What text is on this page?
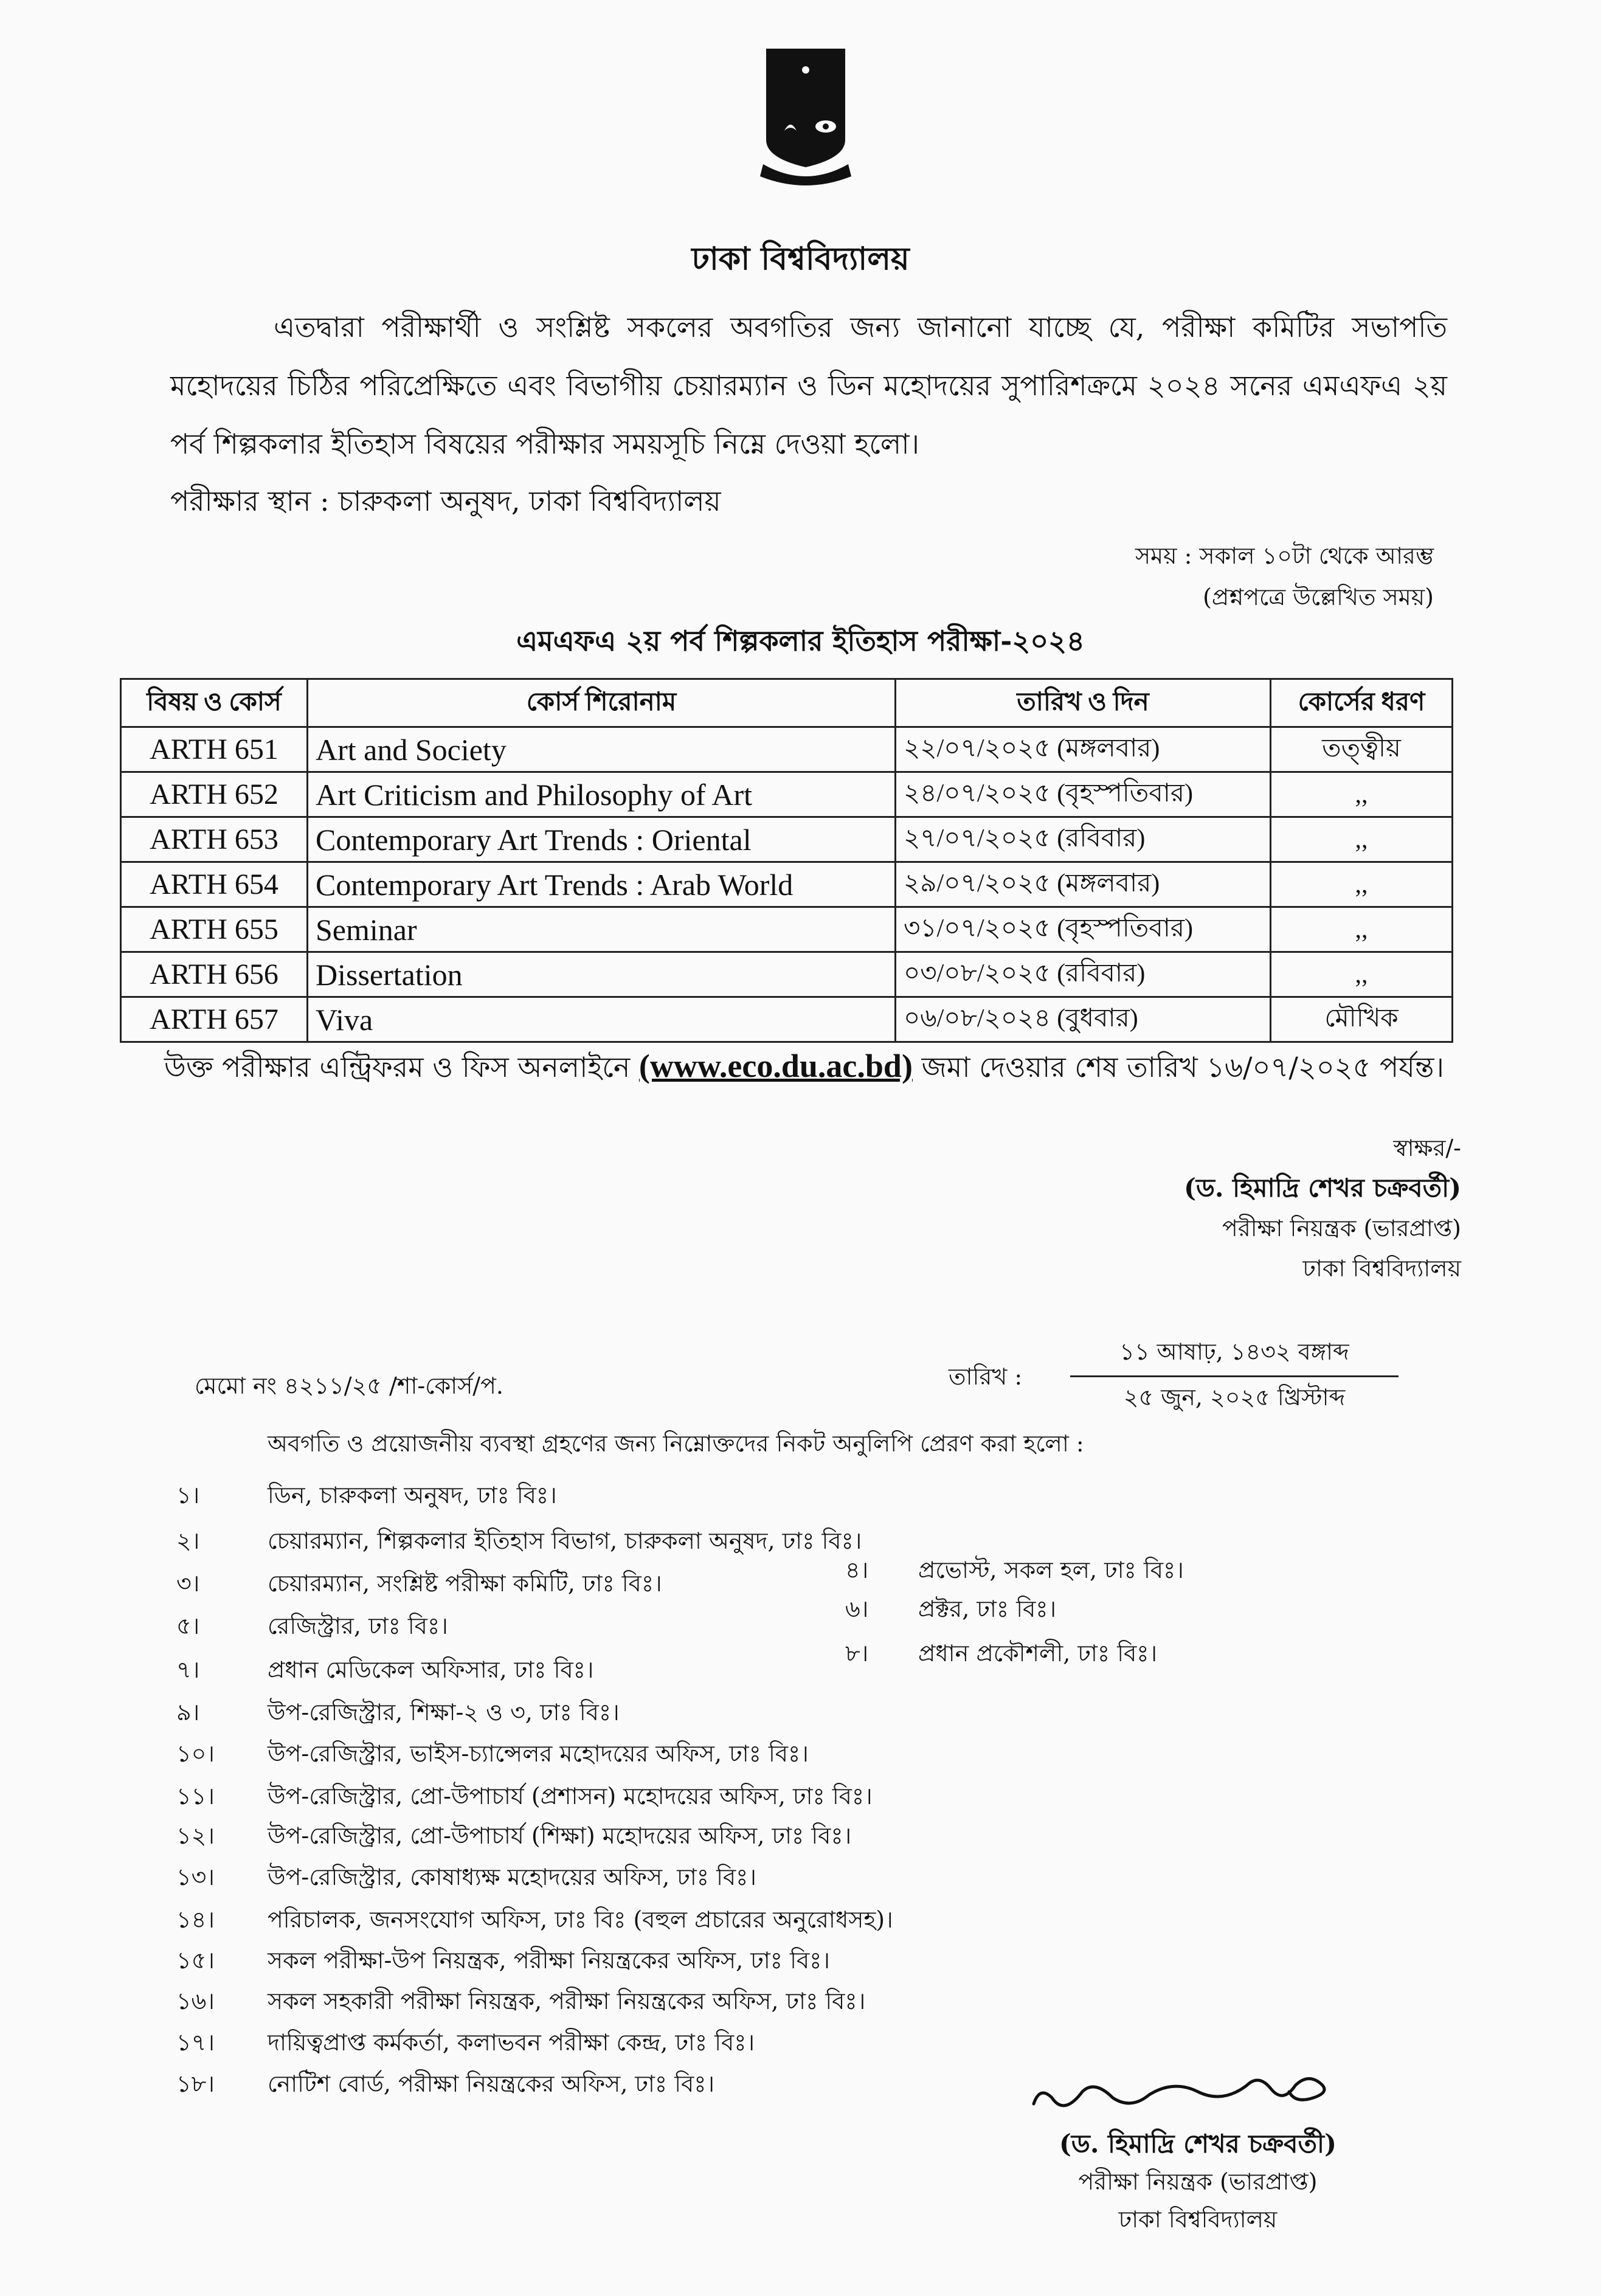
ঢাকা বিশ্ববিদ্যালয়
এতদ্বারা পরীক্ষার্থী ও সংশ্লিষ্ট সকলের অবগতির জন্য জানানো যাচ্ছে যে, পরীক্ষা কমিটির সভাপতি মহোদয়ের চিঠির পরিপ্রেক্ষিতে এবং বিভাগীয় চেয়ারম্যান ও ডিন মহোদয়ের সুপারিশক্রমে ২০২৪ সনের এমএফএ ২য় পর্ব শিল্পকলার ইতিহাস বিষয়ের পরীক্ষার সময়সূচি নিম্নে দেওয়া হলো।
পরীক্ষার স্থান : চারুকলা অনুষদ, ঢাকা বিশ্ববিদ্যালয়
সময় : সকাল ১০টা থেকে আরম্ভ
(প্রশ্নপত্রে উল্লেখিত সময়)
এমএফএ ২য় পর্ব শিল্পকলার ইতিহাস পরীক্ষা-২০২৪
বিষয় ও কোর্স	কোর্স শিরোনাম	তারিখ ও দিন	কোর্সের ধরণ
ARTH 651	Art and Society	২২/০৭/২০২৫ (মঙ্গলবার)	তত্ত্বীয়
ARTH 652	Art Criticism and Philosophy of Art	২৪/০৭/২০২৫ (বৃহস্পতিবার)	,,
ARTH 653	Contemporary Art Trends : Oriental	২৭/০৭/২০২৫ (রবিবার)	,,
ARTH 654	Contemporary Art Trends : Arab World	২৯/০৭/২০২৫ (মঙ্গলবার)	,,
ARTH 655	Seminar	৩১/০৭/২০২৫ (বৃহস্পতিবার)	,,
ARTH 656	Dissertation	০৩/০৮/২০২৫ (রবিবার)	,,
ARTH 657	Viva	০৬/০৮/২০২৪ (বুধবার)	মৌখিক
উক্ত পরীক্ষার এন্ট্রিফরম ও ফিস অনলাইনে (www.eco.du.ac.bd) জমা দেওয়ার শেষ তারিখ ১৬/০৭/২০২৫ পর্যন্ত।
স্বাক্ষর/-
(ড. হিমাদ্রি শেখর চক্রবর্তী)
পরীক্ষা নিয়ন্ত্রক (ভারপ্রাপ্ত)
ঢাকা বিশ্ববিদ্যালয়
মেমো নং ৪২১১/২৫ /শা-কোর্স/প.	তারিখ :
১১ আষাঢ়, ১৪৩২ বঙ্গাব্দ
২৫ জুন, ২০২৫ খ্রিস্টাব্দ
অবগতি ও প্রয়োজনীয় ব্যবস্থা গ্রহণের জন্য নিম্নোক্তদের নিকট অনুলিপি প্রেরণ করা হলো :
১।	ডিন, চারুকলা অনুষদ, ঢাঃ বিঃ।
২।	চেয়ারম্যান, শিল্পকলার ইতিহাস বিভাগ, চারুকলা অনুষদ, ঢাঃ বিঃ।
৩।	চেয়ারম্যান, সংশ্লিষ্ট পরীক্ষা কমিটি, ঢাঃ বিঃ।	৪। প্রভোস্ট, সকল হল, ঢাঃ বিঃ।
৫।	রেজিস্ট্রার, ঢাঃ বিঃ।
৬। প্রক্টর, ঢাঃ বিঃ।
৭।	প্রধান মেডিকেল অফিসার, ঢাঃ বিঃ।
৮। প্রধান প্রকৌশলী, ঢাঃ বিঃ।
৯।	উপ-রেজিস্ট্রার, শিক্ষা-২ ও ৩, ঢাঃ বিঃ।
১০। উপ-রেজিস্ট্রার, ভাইস-চ্যান্সেলর মহোদয়ের অফিস, ঢাঃ বিঃ।
১১। উপ-রেজিস্ট্রার, প্রো-উপাচার্য (প্রশাসন) মহোদয়ের অফিস, ঢাঃ বিঃ।
১২। উপ-রেজিস্ট্রার, প্রো-উপাচার্য (শিক্ষা) মহোদয়ের অফিস, ঢাঃ বিঃ।
১৩। উপ-রেজিস্ট্রার, কোষাধ্যক্ষ মহোদয়ের অফিস, ঢাঃ বিঃ।
১৪। পরিচালক, জনসংযোগ অফিস, ঢাঃ বিঃ (বহুল প্রচারের অনুরোধসহ)।
১৫। সকল পরীক্ষা-উপ নিয়ন্ত্রক, পরীক্ষা নিয়ন্ত্রকের অফিস, ঢাঃ বিঃ।
১৬। সকল সহকারী পরীক্ষা নিয়ন্ত্রক, পরীক্ষা নিয়ন্ত্রকের অফিস, ঢাঃ বিঃ।
১৭। দায়িত্বপ্রাপ্ত কর্মকর্তা, কলাভবন পরীক্ষা কেন্দ্র, ঢাঃ বিঃ।
১৮। নোটিশ বোর্ড, পরীক্ষা নিয়ন্ত্রকের অফিস, ঢাঃ বিঃ।
(ড. হিমাদ্রি শেখর চক্রবর্তী)
পরীক্ষা নিয়ন্ত্রক (ভারপ্রাপ্ত)
ঢাকা বিশ্ববিদ্যালয়
